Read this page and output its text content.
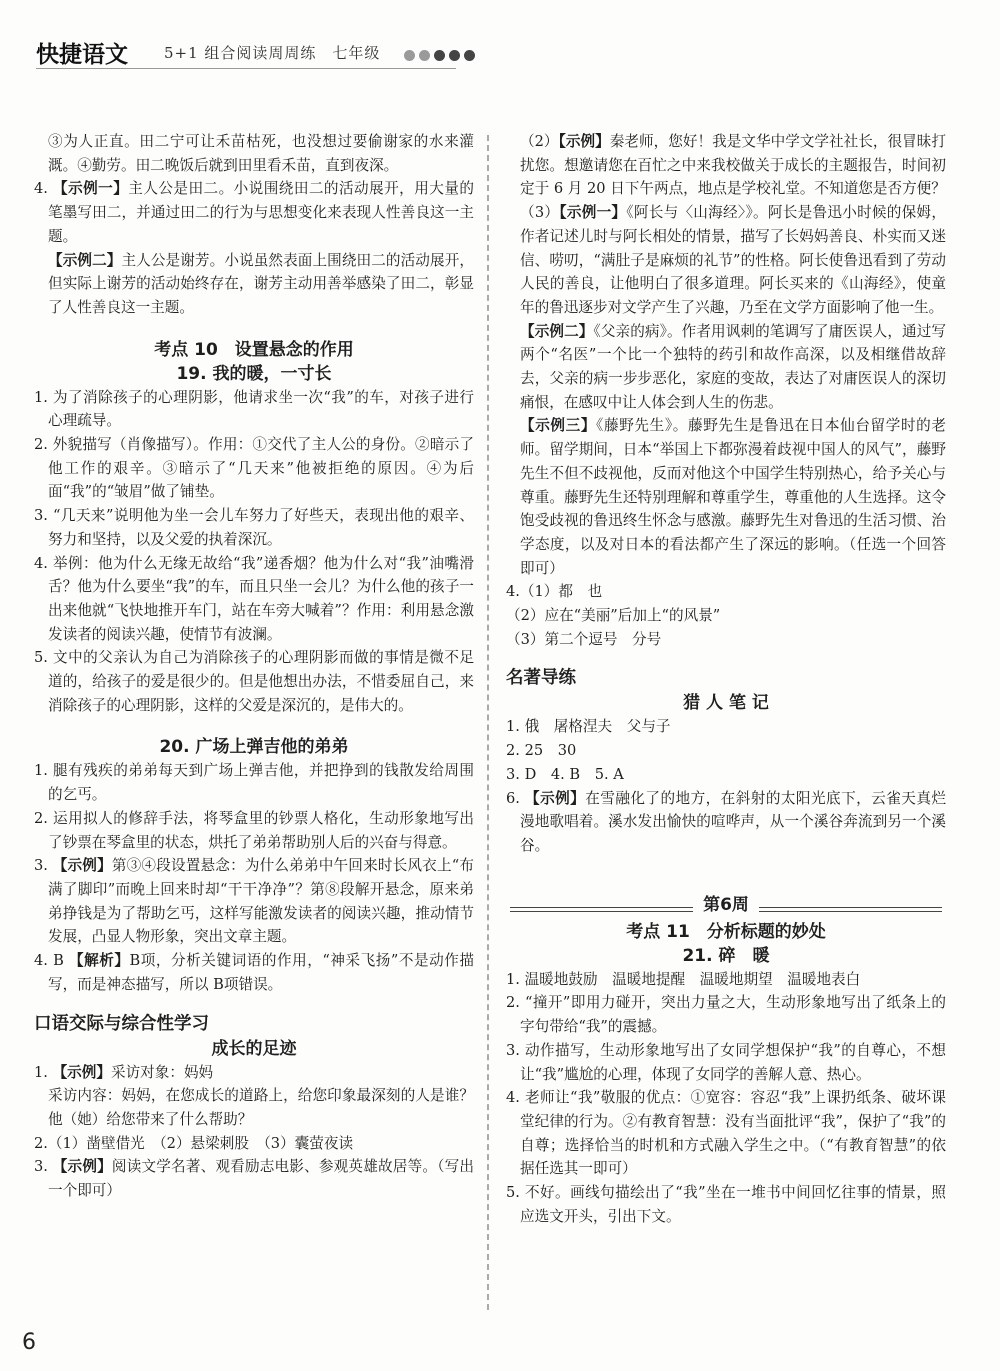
快捷语文 5+1 组合阅读周周练　七年级

③为人正直。田二宁可让禾苗枯死，也没想过要偷谢家的水来灌溉。④勤劳。田二晚饭后就到田里看禾苗，直到夜深。

4. 【示例一】主人公是田二。小说围绕田二的活动展开，用大量的笔墨写田二，并通过田二的行为与思想变化来表现人性善良这一主题。

【示例二】主人公是谢芳。小说虽然表面上围绕田二的活动展开，但实际上谢芳的活动始终存在，谢芳主动用善举感染了田二，彰显了人性善良这一主题。

考点 10　设置悬念的作用

19. 我的暖，一寸长

1. 为了消除孩子的心理阴影，他请求坐一次“我”的车，对孩子进行心理疏导。

2. 外貌描写（肖像描写）。作用：①交代了主人公的身份。②暗示了他工作的艰辛。③暗示了“几天来”他被拒绝的原因。④为后面“我”的“皱眉”做了铺垫。

3. “几天来”说明他为坐一会儿车努力了好些天，表现出他的艰辛、努力和坚持，以及父爱的执着深沉。

4. 举例：他为什么无缘无故给“我”递香烟？他为什么对“我”油嘴滑舌？他为什么要坐“我”的车，而且只坐一会儿？为什么他的孩子一出来他就“飞快地推开车门，站在车旁大喊着”？作用：利用悬念激发读者的阅读兴趣，使情节有波澜。

5. 文中的父亲认为自己为消除孩子的心理阴影而做的事情是微不足道的，给孩子的爱是很少的。但是他想出办法，不惜委屈自己，来消除孩子的心理阴影，这样的父爱是深沉的，是伟大的。

20. 广场上弹吉他的弟弟

1. 腿有残疾的弟弟每天到广场上弹吉他，并把挣到的钱散发给周围的乞丐。

2. 运用拟人的修辞手法，将琴盒里的钞票人格化，生动形象地写出了钞票在琴盒里的状态，烘托了弟弟帮助别人后的兴奋与得意。

3. 【示例】第③④段设置悬念：为什么弟弟中午回来时长风衣上“布满了脚印”而晚上回来时却“干干净净”？第⑧段解开悬念，原来弟弟挣钱是为了帮助乞丐，这样写能激发读者的阅读兴趣，推动情节发展，凸显人物形象，突出文章主题。

4. B 【解析】B项，分析关键词语的作用，“神采飞扬”不是动作描写，而是神态描写，所以 B项错误。

口语交际与综合性学习

成长的足迹

1. 【示例】采访对象：妈妈

采访内容：妈妈，在您成长的道路上，给您印象最深刻的人是谁？他（她）给您带来了什么帮助？

2.（1）凿壁借光　（2）悬梁刺股　（3）囊萤夜读

3. 【示例】阅读文学名著、观看励志电影、参观英雄故居等。（写出一个即可）

（2）【示例】秦老师，您好！我是文华中学文学社社长，很冒昧打扰您。想邀请您在百忙之中来我校做关于成长的主题报告，时间初定于 6 月 20 日下午两点，地点是学校礼堂。不知道您是否方便？

（3）【示例一】《阿长与〈山海经〉》。阿长是鲁迅小时候的保姆，作者记述儿时与阿长相处的情景，描写了长妈妈善良、朴实而又迷信、唠叨，“满肚子是麻烦的礼节”的性格。阿长使鲁迅看到了劳动人民的善良，让他明白了很多道理。阿长买来的《山海经》，使童年的鲁迅逐步对文学产生了兴趣，乃至在文学方面影响了他一生。

【示例二】《父亲的病》。作者用讽刺的笔调写了庸医误人，通过写两个“名医”一个比一个独特的药引和故作高深，以及相继借故辞去，父亲的病一步步恶化，家庭的变故，表达了对庸医误人的深切痛恨，在感叹中让人体会到人生的伤悲。

【示例三】《藤野先生》。藤野先生是鲁迅在日本仙台留学时的老师。留学期间，日本“举国上下都弥漫着歧视中国人的风气”，藤野先生不但不歧视他，反而对他这个中国学生特别热心，给予关心与尊重。藤野先生还特别理解和尊重学生，尊重他的人生选择。这令饱受歧视的鲁迅终生怀念与感激。藤野先生对鲁迅的生活习惯、治学态度，以及对日本的看法都产生了深远的影响。（任选一个回答即可）

4.（1）都　也

（2）应在“美丽”后加上“的风景”

（3）第二个逗号　分号

名著导练

猎 人 笔 记

1. 俄　屠格涅夫　父与子

2. 25　30

3. D　4. B　5. A

6. 【示例】在雪融化了的地方，在斜射的太阳光底下，云雀天真烂漫地歌唱着。溪水发出愉快的喧哗声，从一个溪谷奔流到另一个溪谷。

第6周

考点 11　分析标题的妙处

21. 碎　暖

1. 温暖地鼓励　温暖地提醒　温暖地期望　温暖地表白

2. “撞开”即用力碰开，突出力量之大，生动形象地写出了纸条上的字句带给“我”的震撼。

3. 动作描写，生动形象地写出了女同学想保护“我”的自尊心，不想让“我”尴尬的心理，体现了女同学的善解人意、热心。

4. 老师让“我”敬服的优点：①宽容：容忍“我”上课扔纸条、破坏课堂纪律的行为。②有教育智慧：没有当面批评“我”，保护了“我”的自尊；选择恰当的时机和方式融入学生之中。（“有教育智慧”的依据任选其一即可）

5. 不好。画线句描绘出了“我”坐在一堆书中间回忆往事的情景，照应选文开头，引出下文。

6
